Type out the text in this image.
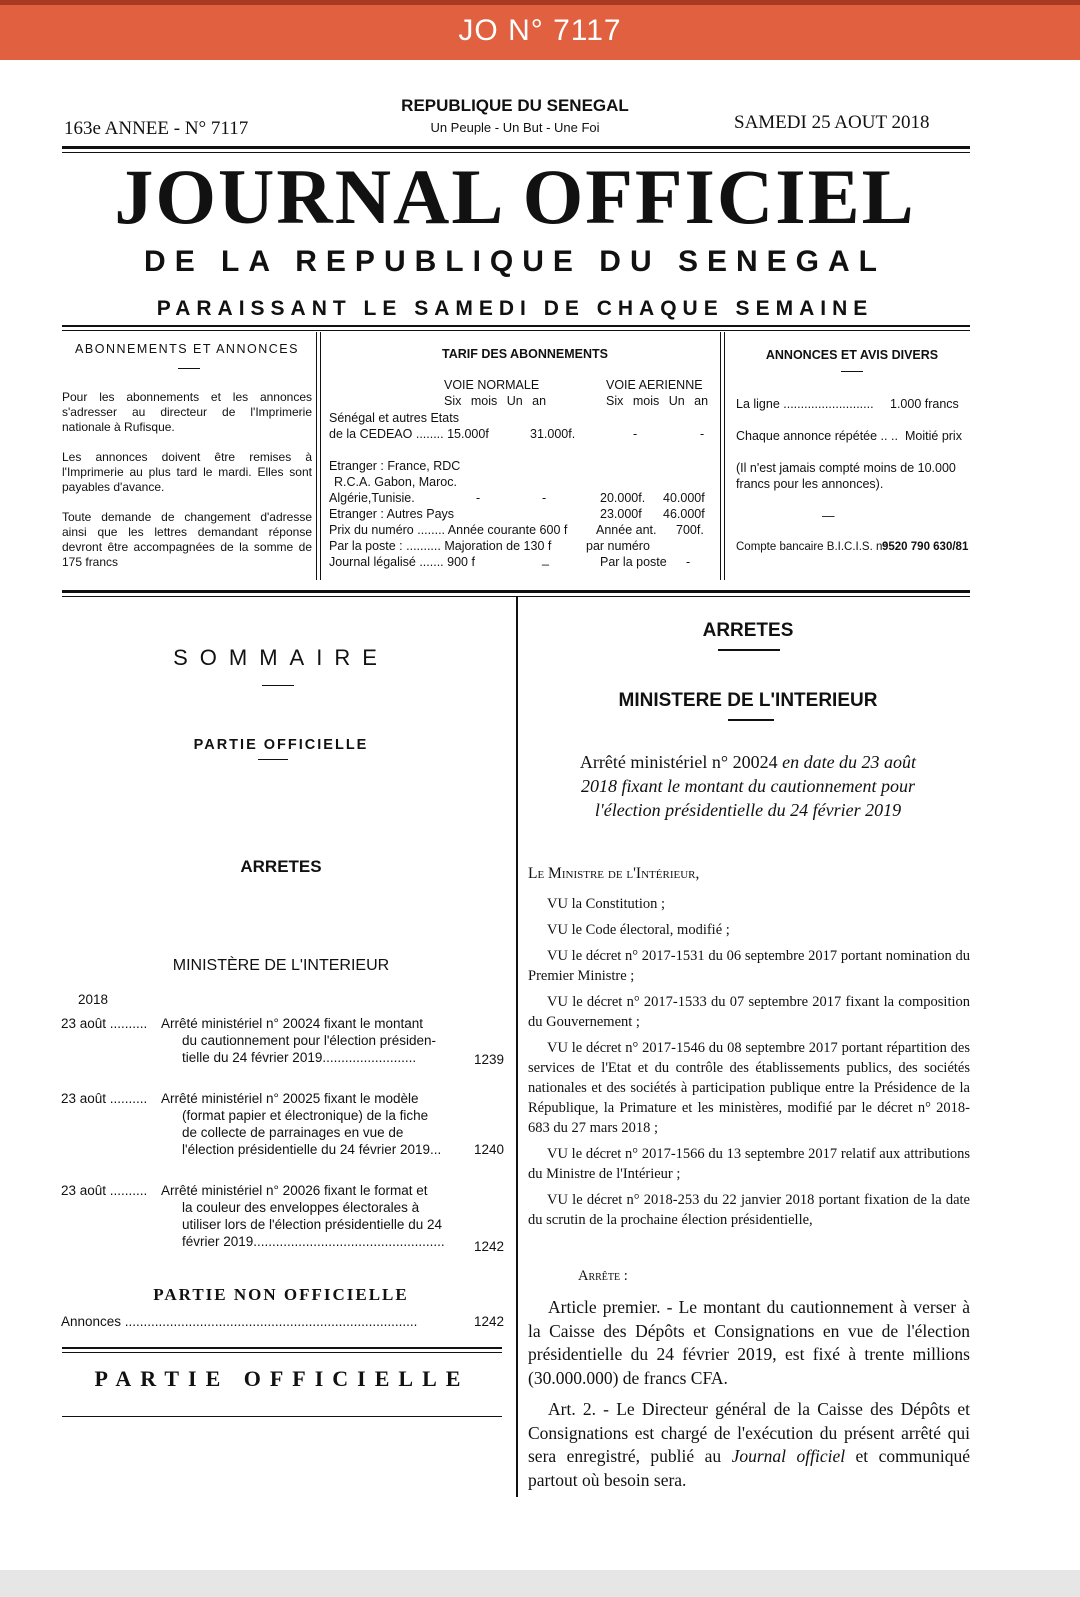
JO N° 7117
REPUBLIQUE DU SENEGAL
Un Peuple - Un But - Une Foi
163e ANNEE - N° 7117	SAMEDI 25 AOUT 2018
JOURNAL OFFICIEL
DE LA REPUBLIQUE DU SENEGAL
PARAISSANT LE SAMEDI DE CHAQUE SEMAINE
ABONNEMENTS ET ANNONCES
Pour les abonnements et les annonces s'adresser au directeur de l'Imprimerie nationale à Rufisque.
Les annonces doivent être remises à l'Imprimerie au plus tard le mardi. Elles sont payables d'avance.
Toute demande de changement d'adresse ainsi que les lettres demandant réponse devront être accompagnées de la somme de 175 francs
TARIF DES ABONNEMENTS
VOIE NORMALE	VOIE AERIENNE
Six mois Un an	Six mois Un an
Sénégal et autres Etats
de la CEDEAO ........ 15.000f	31.000f.	-	-
Etranger : France, RDC
R.C.A. Gabon, Maroc.
Algérie,Tunisie.	-	-	20.000f. 40.000f
Etranger : Autres Pays	23.000f 46.000f
Prix du numéro ........ Année courante 600 f Année ant. 700f.
Par la poste : .......... Majoration de 130 f	par numéro
Journal légalisé ....... 900 f	_	Par la poste -
ANNONCES ET AVIS DIVERS
La ligne .......................... 1.000 francs
Chaque annonce répétée .. .. Moitié prix
(Il n'est jamais compté moins de 10.000 francs pour les annonces).
—
Compte bancaire B.I.C.I.S. n°
9520 790 630/81
SOMMAIRE
PARTIE OFFICIELLE
ARRETES
MINISTÈRE DE L'INTERIEUR
2018
23 août .......... Arrêté ministériel n° 20024 fixant le montant
du cautionnement pour l'élection présiden-
tielle du 24 février 2019.........................	1239
23 août .......... Arrêté ministériel n° 20025 fixant le modèle
(format papier et électronique) de la fiche
de collecte de parrainages en vue de
l'élection présidentielle du 24 février 2019...	1240
23 août .......... Arrêté ministériel n° 20026 fixant le format et
la couleur des enveloppes électorales à
utiliser lors de l'élection présidentielle du 24
février 2019...................................................	1242
PARTIE NON OFFICIELLE
Annonces ..............................................................................	1242
PARTIE OFFICIELLE
ARRETES
MINISTERE DE L'INTERIEUR
Arrêté ministériel n° 20024 en date du 23 août
2018 fixant le montant du cautionnement pour
l'élection présidentielle du 24 février 2019
Le Ministre de l'Intérieur,
VU la Constitution ;
VU le Code électoral, modifié ;
VU le décret n° 2017-1531 du 06 septembre 2017 portant nomination du Premier Ministre ;
VU le décret n° 2017-1533 du 07 septembre 2017 fixant la composition du Gouvernement ;
VU le décret n° 2017-1546 du 08 septembre 2017 portant répartition des services de l'Etat et du contrôle des établissements publics, des sociétés nationales et des sociétés à participation publique entre la Présidence de la République, la Primature et les ministères, modifié par le décret n° 2018-683 du 27 mars 2018 ;
VU le décret n° 2017-1566 du 13 septembre 2017 relatif aux attributions du Ministre de l'Intérieur ;
VU le décret n° 2018-253 du 22 janvier 2018 portant fixation de la date du scrutin de la prochaine élection présidentielle,
Arrête :
Article premier. - Le montant du cautionnement à verser à la Caisse des Dépôts et Consignations en vue de l'élection présidentielle du 24 février 2019, est fixé à trente millions (30.000.000) de francs CFA.
Art. 2. - Le Directeur général de la Caisse des Dépôts et Consignations est chargé de l'exécution du présent arrêté qui sera enregistré, publié au Journal officiel et communiqué partout où besoin sera.
